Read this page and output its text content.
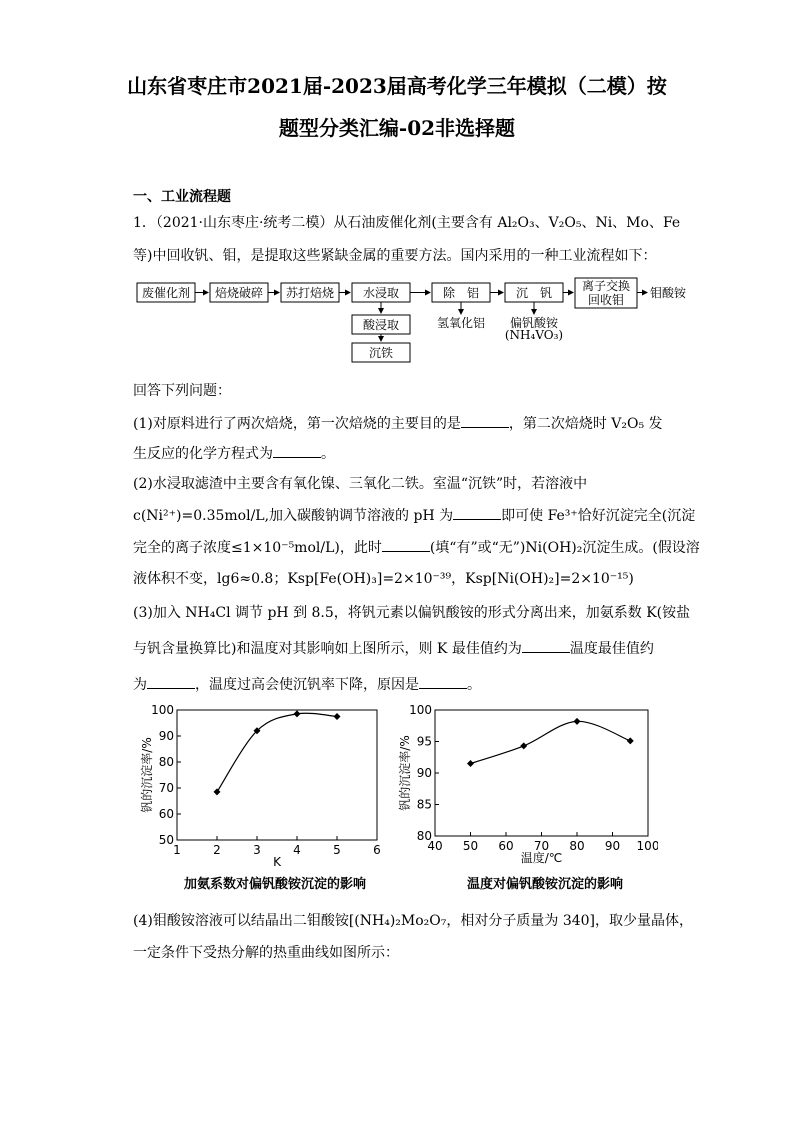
山东省枣庄市2021届-2023届高考化学三年模拟（二模）按
题型分类汇编-02非选择题
一、工业流程题
1．（2021·山东枣庄·统考二模）从石油废催化剂(主要含有 Al₂O₃、V₂O₅、Ni、Mo、Fe
等)中回收钒、钼，是提取这些紧缺金属的重要方法。国内采用的一种工业流程如下：
废催化剂 焙烧破碎 苏打焙烧 水浸取	除　铝	沉　钒 离子交换
回收钼 钼酸铵
酸浸取
沉铁
氢氧化铝 偏钒酸铵
(NH₄VO₃)
回答下列问题：
(1)对原料进行了两次焙烧，第一次焙烧的主要目的是	，第二次焙烧时 V₂O₅ 发
生反应的化学方程式为	。
(2)水浸取滤渣中主要含有氧化镍、三氧化二铁。室温“沉铁”时，若溶液中
c(Ni²⁺)=0.35mol/L,加入碳酸钠调节溶液的 pH 为	即可使 Fe³⁺恰好沉淀完全(沉淀
完全的离子浓度≤1×10⁻⁵mol/L)，此时	(填“有”或“无”)Ni(OH)₂沉淀生成。(假设溶
液体积不变，lg6≈0.8；Ksp[Fe(OH)₃]=2×10⁻³⁹，Ksp[Ni(OH)₂]=2×10⁻¹⁵)
(3)加入 NH₄Cl 调节 pH 到 8.5，将钒元素以偏钒酸铵的形式分离出来，加氨系数 K(铵盐
与钒含量换算比)和温度对其影响如上图所示，则 K 最佳值约为	温度最佳值约
为	，温度过高会使沉钒率下降，原因是	。
1	2	3	4	5	6
50
60
70
80
90
100
K
钒的沉淀率/%
加氨系数对偏钒酸铵沉淀的影响
40 50 60 70 80 90 100
80
85
90
95
100
温度/℃
钒的沉淀率/%
温度对偏钒酸铵沉淀的影响
(4)钼酸铵溶液可以结晶出二钼酸铵[(NH₄)₂Mo₂O₇，相对分子质量为 340]，取少量晶体，
一定条件下受热分解的热重曲线如图所示：
